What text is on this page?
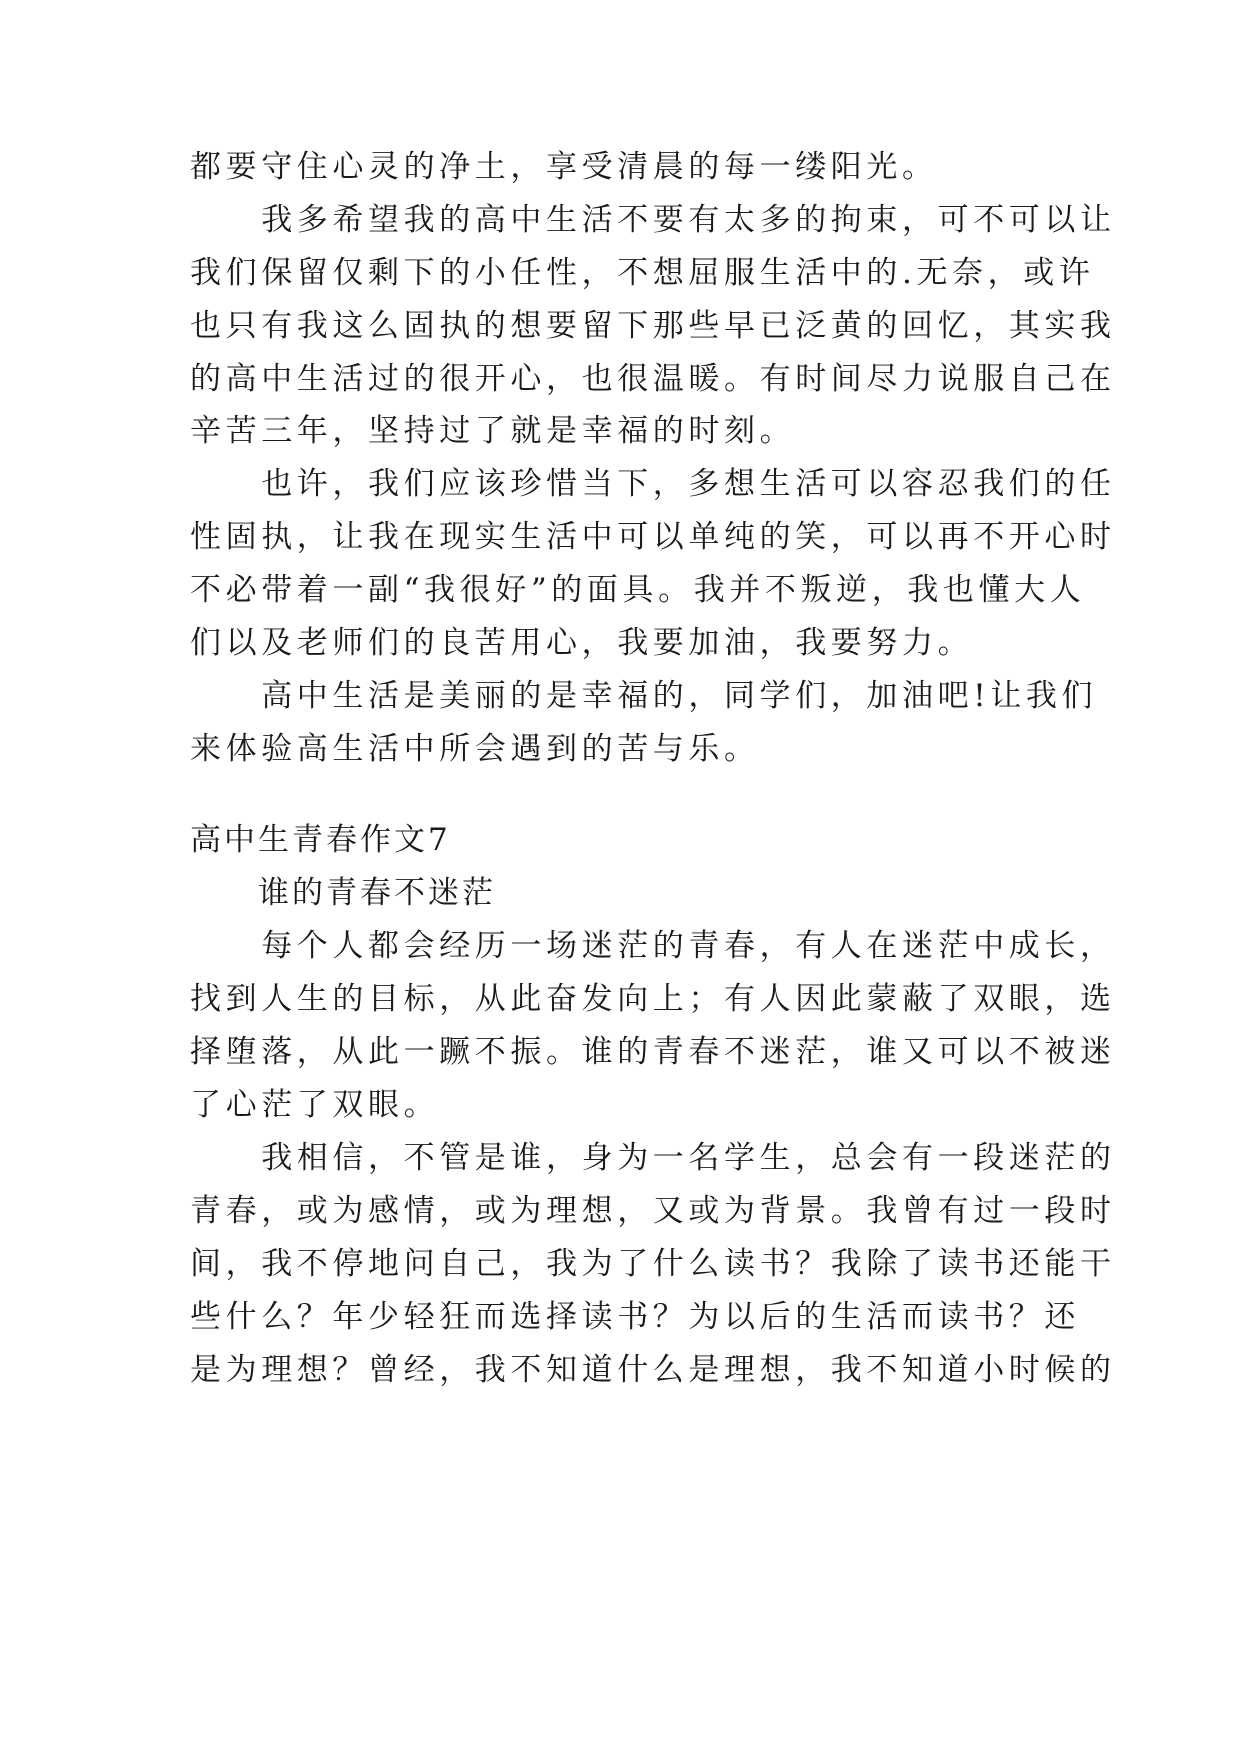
都要守住心灵的净土，享受清晨的每一缕阳光。
　　我多希望我的高中生活不要有太多的拘束，可不可以让
我们保留仅剩下的小任性，不想屈服生活中的.无奈，或许
也只有我这么固执的想要留下那些早已泛黄的回忆，其实我
的高中生活过的很开心，也很温暖。有时间尽力说服自己在
辛苦三年，坚持过了就是幸福的时刻。
　　也许，我们应该珍惜当下，多想生活可以容忍我们的任
性固执，让我在现实生活中可以单纯的笑，可以再不开心时
不必带着一副“我很好”的面具。我并不叛逆，我也懂大人
们以及老师们的良苦用心，我要加油，我要努力。
　　高中生活是美丽的是幸福的，同学们，加油吧!让我们
来体验高生活中所会遇到的苦与乐。
高中生青春作文7
　　谁的青春不迷茫
　　每个人都会经历一场迷茫的青春，有人在迷茫中成长，
找到人生的目标，从此奋发向上；有人因此蒙蔽了双眼，选
择堕落，从此一蹶不振。谁的青春不迷茫，谁又可以不被迷
了心茫了双眼。
　　我相信，不管是谁，身为一名学生，总会有一段迷茫的
青春，或为感情，或为理想，又或为背景。我曾有过一段时
间，我不停地问自己，我为了什么读书？我除了读书还能干
些什么？年少轻狂而选择读书？为以后的生活而读书？还
是为理想？曾经，我不知道什么是理想，我不知道小时候的
